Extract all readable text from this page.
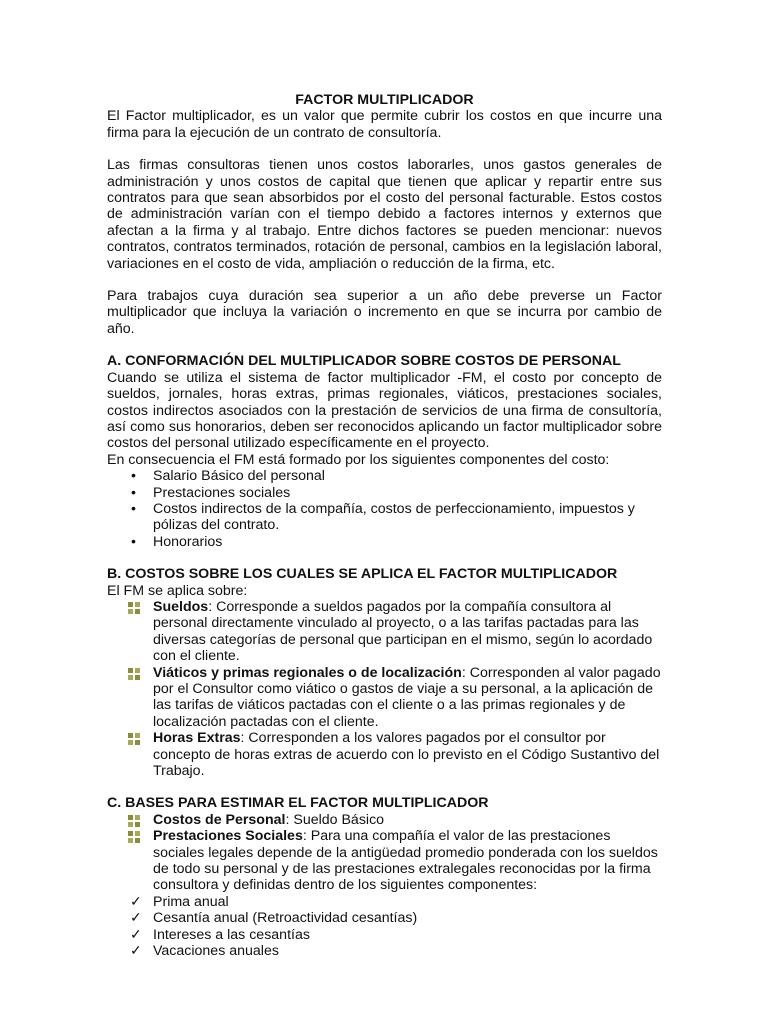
FACTOR MULTIPLICADOR

El Factor multiplicador, es un valor que permite cubrir los costos en que incurre una firma para la ejecución de un contrato de consultoría.

Las firmas consultoras tienen unos costos laborarles, unos gastos generales de administración y unos costos de capital que tienen que aplicar y repartir entre sus contratos para que sean absorbidos por el costo del personal facturable. Estos costos de administración varían con el tiempo debido a factores internos y externos que afectan a la firma y al trabajo. Entre dichos factores se pueden mencionar: nuevos contratos, contratos terminados, rotación de personal, cambios en la legislación laboral, variaciones en el costo de vida, ampliación o reducción de la firma, etc.

Para trabajos cuya duración sea superior a un año debe preverse un Factor multiplicador que incluya la variación o incremento en que se incurra por cambio de año.

A. CONFORMACIÓN DEL MULTIPLICADOR SOBRE COSTOS DE PERSONAL

Cuando se utiliza el sistema de factor multiplicador -FM, el costo por concepto de sueldos, jornales, horas extras, primas regionales, viáticos, prestaciones sociales, costos indirectos asociados con la prestación de servicios de una firma de consultoría, así como sus honorarios, deben ser reconocidos aplicando un factor multiplicador sobre costos del personal utilizado específicamente en el proyecto.

En consecuencia el FM está formado por los siguientes componentes del costo:

• Salario Básico del personal
• Prestaciones sociales
• Costos indirectos de la compañía, costos de perfeccionamiento, impuestos y pólizas del contrato.
• Honorarios
B. COSTOS SOBRE LOS CUALES SE APLICA EL FACTOR MULTIPLICADOR

El FM se aplica sobre:

Sueldos: Corresponde a sueldos pagados por la compañía consultora al personal directamente vinculado al proyecto, o a las tarifas pactadas para las diversas categorías de personal que participan en el mismo, según lo acordado con el cliente.
Viáticos y primas regionales o de localización: Corresponden al valor pagado por el Consultor como viático o gastos de viaje a su personal, a la aplicación de las tarifas de viáticos pactadas con el cliente o a las primas regionales y de localización pactadas con el cliente.
Horas Extras: Corresponden a los valores pagados por el consultor por concepto de horas extras de acuerdo con lo previsto en el Código Sustantivo del Trabajo.
C. BASES PARA ESTIMAR EL FACTOR MULTIPLICADOR
Costos de Personal: Sueldo Básico
Prestaciones Sociales: Para una compañía el valor de las prestaciones sociales legales depende de la antigüedad promedio ponderada con los sueldos de todo su personal y de las prestaciones extralegales reconocidas por la firma consultora y definidas dentro de los siguientes componentes:
✓ Prima anual
✓ Cesantía anual (Retroactividad cesantías)
✓ Intereses a las cesantías
✓ Vacaciones anuales
